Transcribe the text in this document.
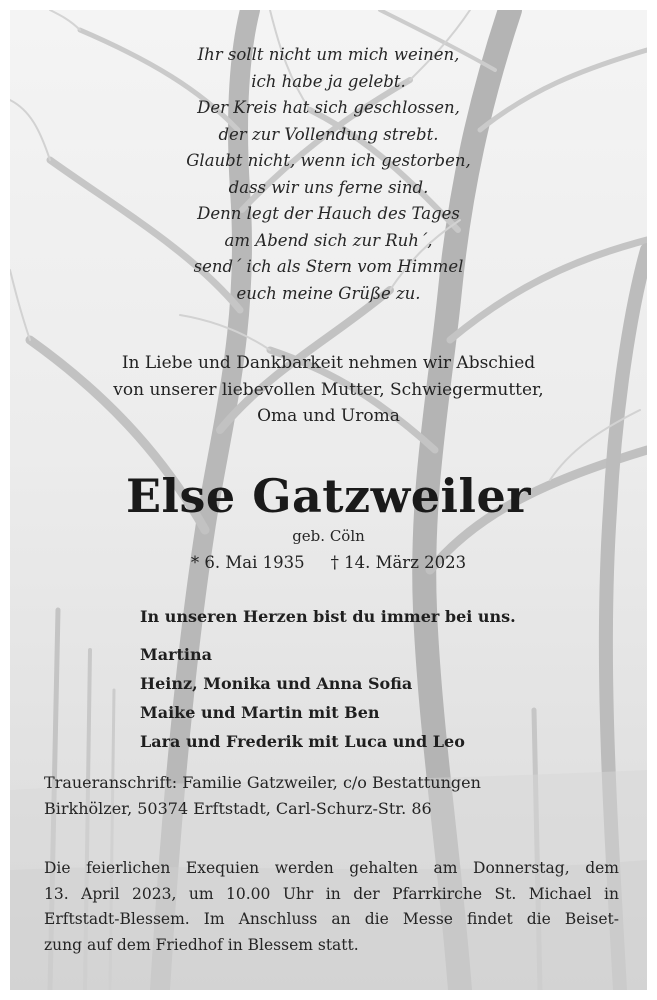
Ihr sollt nicht um mich weinen,
ich habe ja gelebt.
Der Kreis hat sich geschlossen,
der zur Vollendung strebt.
Glaubt nicht, wenn ich gestorben,
dass wir uns ferne sind.
Denn legt der Hauch des Tages
am Abend sich zur Ruh´,
send´ ich als Stern vom Himmel
euch meine Grüße zu.
In Liebe und Dankbarkeit nehmen wir Abschied
von unserer liebevollen Mutter, Schwiegermutter,
Oma und Uroma
Else Gatzweiler
geb. Cöln
* 6. Mai 1935 † 14. März 2023
In unseren Herzen bist du immer bei uns.
Martina
Heinz, Monika und Anna Sofia
Maike und Martin mit Ben
Lara und Frederik mit Luca und Leo
Traueranschrift: Familie Gatzweiler, c/o Bestattungen
Birkhölzer, 50374 Erftstadt, Carl-Schurz-Str. 86
Die feierlichen Exequien werden gehalten am Donnerstag, dem
13. April 2023, um 10.00 Uhr in der Pfarrkirche St. Michael in
Erftstadt-Blessem. Im Anschluss an die Messe findet die Beiset-
zung auf dem Friedhof in Blessem statt.
